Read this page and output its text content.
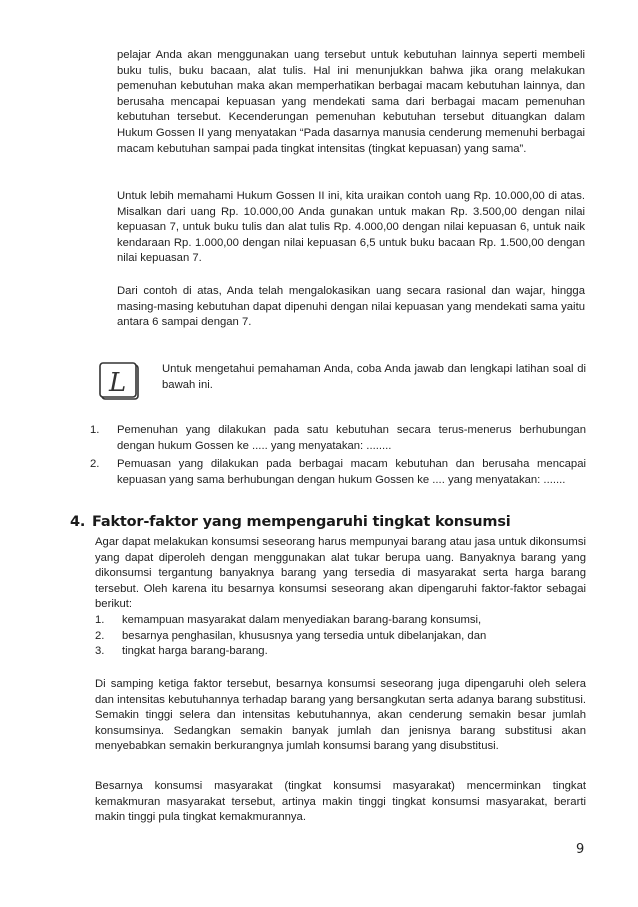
pelajar Anda akan menggunakan uang tersebut untuk kebutuhan lainnya seperti membeli buku tulis, buku bacaan, alat tulis. Hal ini menunjukkan bahwa jika orang melakukan pemenuhan kebutuhan maka akan memperhatikan berbagai macam kebutuhan lainnya, dan berusaha mencapai kepuasan yang mendekati sama dari berbagai macam pemenuhan kebutuhan tersebut. Kecenderungan pemenuhan kebutuhan tersebut dituangkan dalam Hukum Gossen II yang menyatakan “Pada dasarnya manusia cenderung memenuhi berbagai macam kebutuhan sampai pada tingkat intensitas (tingkat kepuasan) yang sama”.

Untuk lebih memahami Hukum Gossen II ini, kita uraikan contoh uang Rp. 10.000,00 di atas. Misalkan dari uang Rp. 10.000,00 Anda gunakan untuk makan Rp. 3.500,00 dengan nilai kepuasan 7, untuk buku tulis dan alat tulis Rp. 4.000,00 dengan nilai kepuasan 6, untuk naik kendaraan Rp. 1.000,00 dengan nilai kepuasan 6,5 untuk buku bacaan Rp. 1.500,00 dengan nilai kepuasan 7.

Dari contoh di atas, Anda telah mengalokasikan uang secara rasional dan wajar, hingga masing-masing kebutuhan dapat dipenuhi dengan nilai kepuasan yang mendekati sama yaitu antara 6 sampai dengan 7.

L	Untuk mengetahui pemahaman Anda, coba Anda jawab dan lengkapi latihan soal di bawah ini.
1.	Pemenuhan yang dilakukan pada satu kebutuhan secara terus-menerus berhubungan dengan hukum Gossen ke ..... yang menyatakan: ........
2.	Pemuasan yang dilakukan pada berbagai macam kebutuhan dan berusaha mencapai kepuasan yang sama berhubungan dengan hukum Gossen ke .... yang menyatakan: .......
4. Faktor-faktor yang mempengaruhi tingkat konsumsi

Agar dapat melakukan konsumsi seseorang harus mempunyai barang atau jasa untuk dikonsumsi yang dapat diperoleh dengan menggunakan alat tukar berupa uang. Banyaknya barang yang dikonsumsi tergantung banyaknya barang yang tersedia di masyarakat serta harga barang tersebut. Oleh karena itu besarnya konsumsi seseorang akan dipengaruhi faktor-faktor sebagai berikut:

1.	kemampuan masyarakat dalam menyediakan barang-barang konsumsi,
2.	besarnya penghasilan, khususnya yang tersedia untuk dibelanjakan, dan
3.	tingkat harga barang-barang.

Di samping ketiga faktor tersebut, besarnya konsumsi seseorang juga dipengaruhi oleh selera dan intensitas kebutuhannya terhadap barang yang bersangkutan serta adanya barang substitusi. Semakin tinggi selera dan intensitas kebutuhannya, akan cenderung semakin besar jumlah konsumsinya. Sedangkan semakin banyak jumlah dan jenisnya barang substitusi akan menyebabkan semakin berkurangnya jumlah konsumsi barang yang disubstitusi.

Besarnya konsumsi masyarakat (tingkat konsumsi masyarakat) mencerminkan tingkat kemakmuran masyarakat tersebut, artinya makin tinggi tingkat konsumsi masyarakat, berarti makin tinggi pula tingkat kemakmurannya.

9
